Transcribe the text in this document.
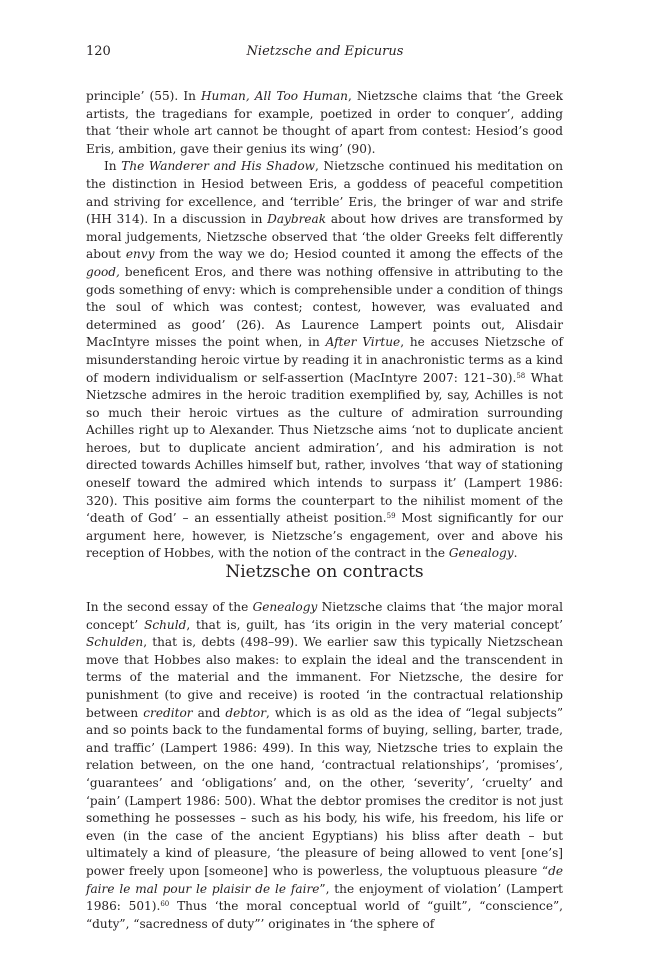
120	Nietzsche and Epicurus

principle’ (55). In Human, All Too Human, Nietzsche claims that ‘the Greek artists, the tragedians for example, poetized in order to conquer’, adding that ‘their whole art cannot be thought of apart from contest: Hesiod’s good Eris, ambition, gave their genius its wing’ (90).

In The Wanderer and His Shadow, Nietzsche continued his meditation on the distinction in Hesiod between Eris, a goddess of peaceful competition and striving for excellence, and ‘terrible’ Eris, the bringer of war and strife (HH 314). In a discussion in Daybreak about how drives are transformed by moral judgements, Nietzsche observed that ‘the older Greeks felt differently about envy from the way we do; Hesiod counted it among the effects of the good, beneficent Eros, and there was nothing offensive in attributing to the gods something of envy: which is comprehensible under a condition of things the soul of which was contest; contest, however, was evaluated and determined as good’ (26). As Laurence Lampert points out, Alisdair MacIntyre misses the point when, in After Virtue, he accuses Nietzsche of misunderstanding heroic virtue by reading it in anachronistic terms as a kind of modern individualism or self-assertion (MacIntyre 2007: 121–30).$^{58}$ What Nietzsche admires in the heroic tradition exemplified by, say, Achilles is not so much their heroic virtues as the culture of admiration surrounding Achilles right up to Alexander. Thus Nietzsche aims ‘not to duplicate ancient heroes, but to duplicate ancient admiration’, and his admiration is not directed towards Achilles himself but, rather, involves ‘that way of stationing oneself toward the admired which intends to surpass it’ (Lampert 1986: 320). This positive aim forms the counterpart to the nihilist moment of the ‘death of God’ – an essentially atheist position.$^{59}$ Most significantly for our argument here, however, is Nietzsche’s engagement, over and above his reception of Hobbes, with the notion of the contract in the Genealogy.

Nietzsche on contracts

In the second essay of the Genealogy Nietzsche claims that ‘the major moral concept’ Schuld, that is, guilt, has ‘its origin in the very material concept’ Schulden, that is, debts (498–99). We earlier saw this typically Nietzschean move that Hobbes also makes: to explain the ideal and the transcendent in terms of the material and the immanent. For Nietzsche, the desire for punishment (to give and receive) is rooted ‘in the contractual relationship between creditor and debtor, which is as old as the idea of “legal subjects” and so points back to the fundamental forms of buying, selling, barter, trade, and traffic’ (Lampert 1986: 499). In this way, Nietzsche tries to explain the relation between, on the one hand, ‘contractual relationships’, ‘promises’, ‘guarantees’ and ‘obligations’ and, on the other, ‘severity’, ‘cruelty’ and ‘pain’ (Lampert 1986: 500). What the debtor promises the creditor is not just something he possesses – such as his body, his wife, his freedom, his life or even (in the case of the ancient Egyptians) his bliss after death – but ultimately a kind of pleasure, ‘the pleasure of being allowed to vent [one’s] power freely upon [someone] who is powerless, the voluptuous pleasure “de faire le mal pour le plaisir de le faire”, the enjoyment of violation’ (Lampert 1986: 501).$^{60}$ Thus ‘the moral conceptual world of “guilt”, “conscience”, “duty”, “sacredness of duty”’ originates in ‘the sphere of
